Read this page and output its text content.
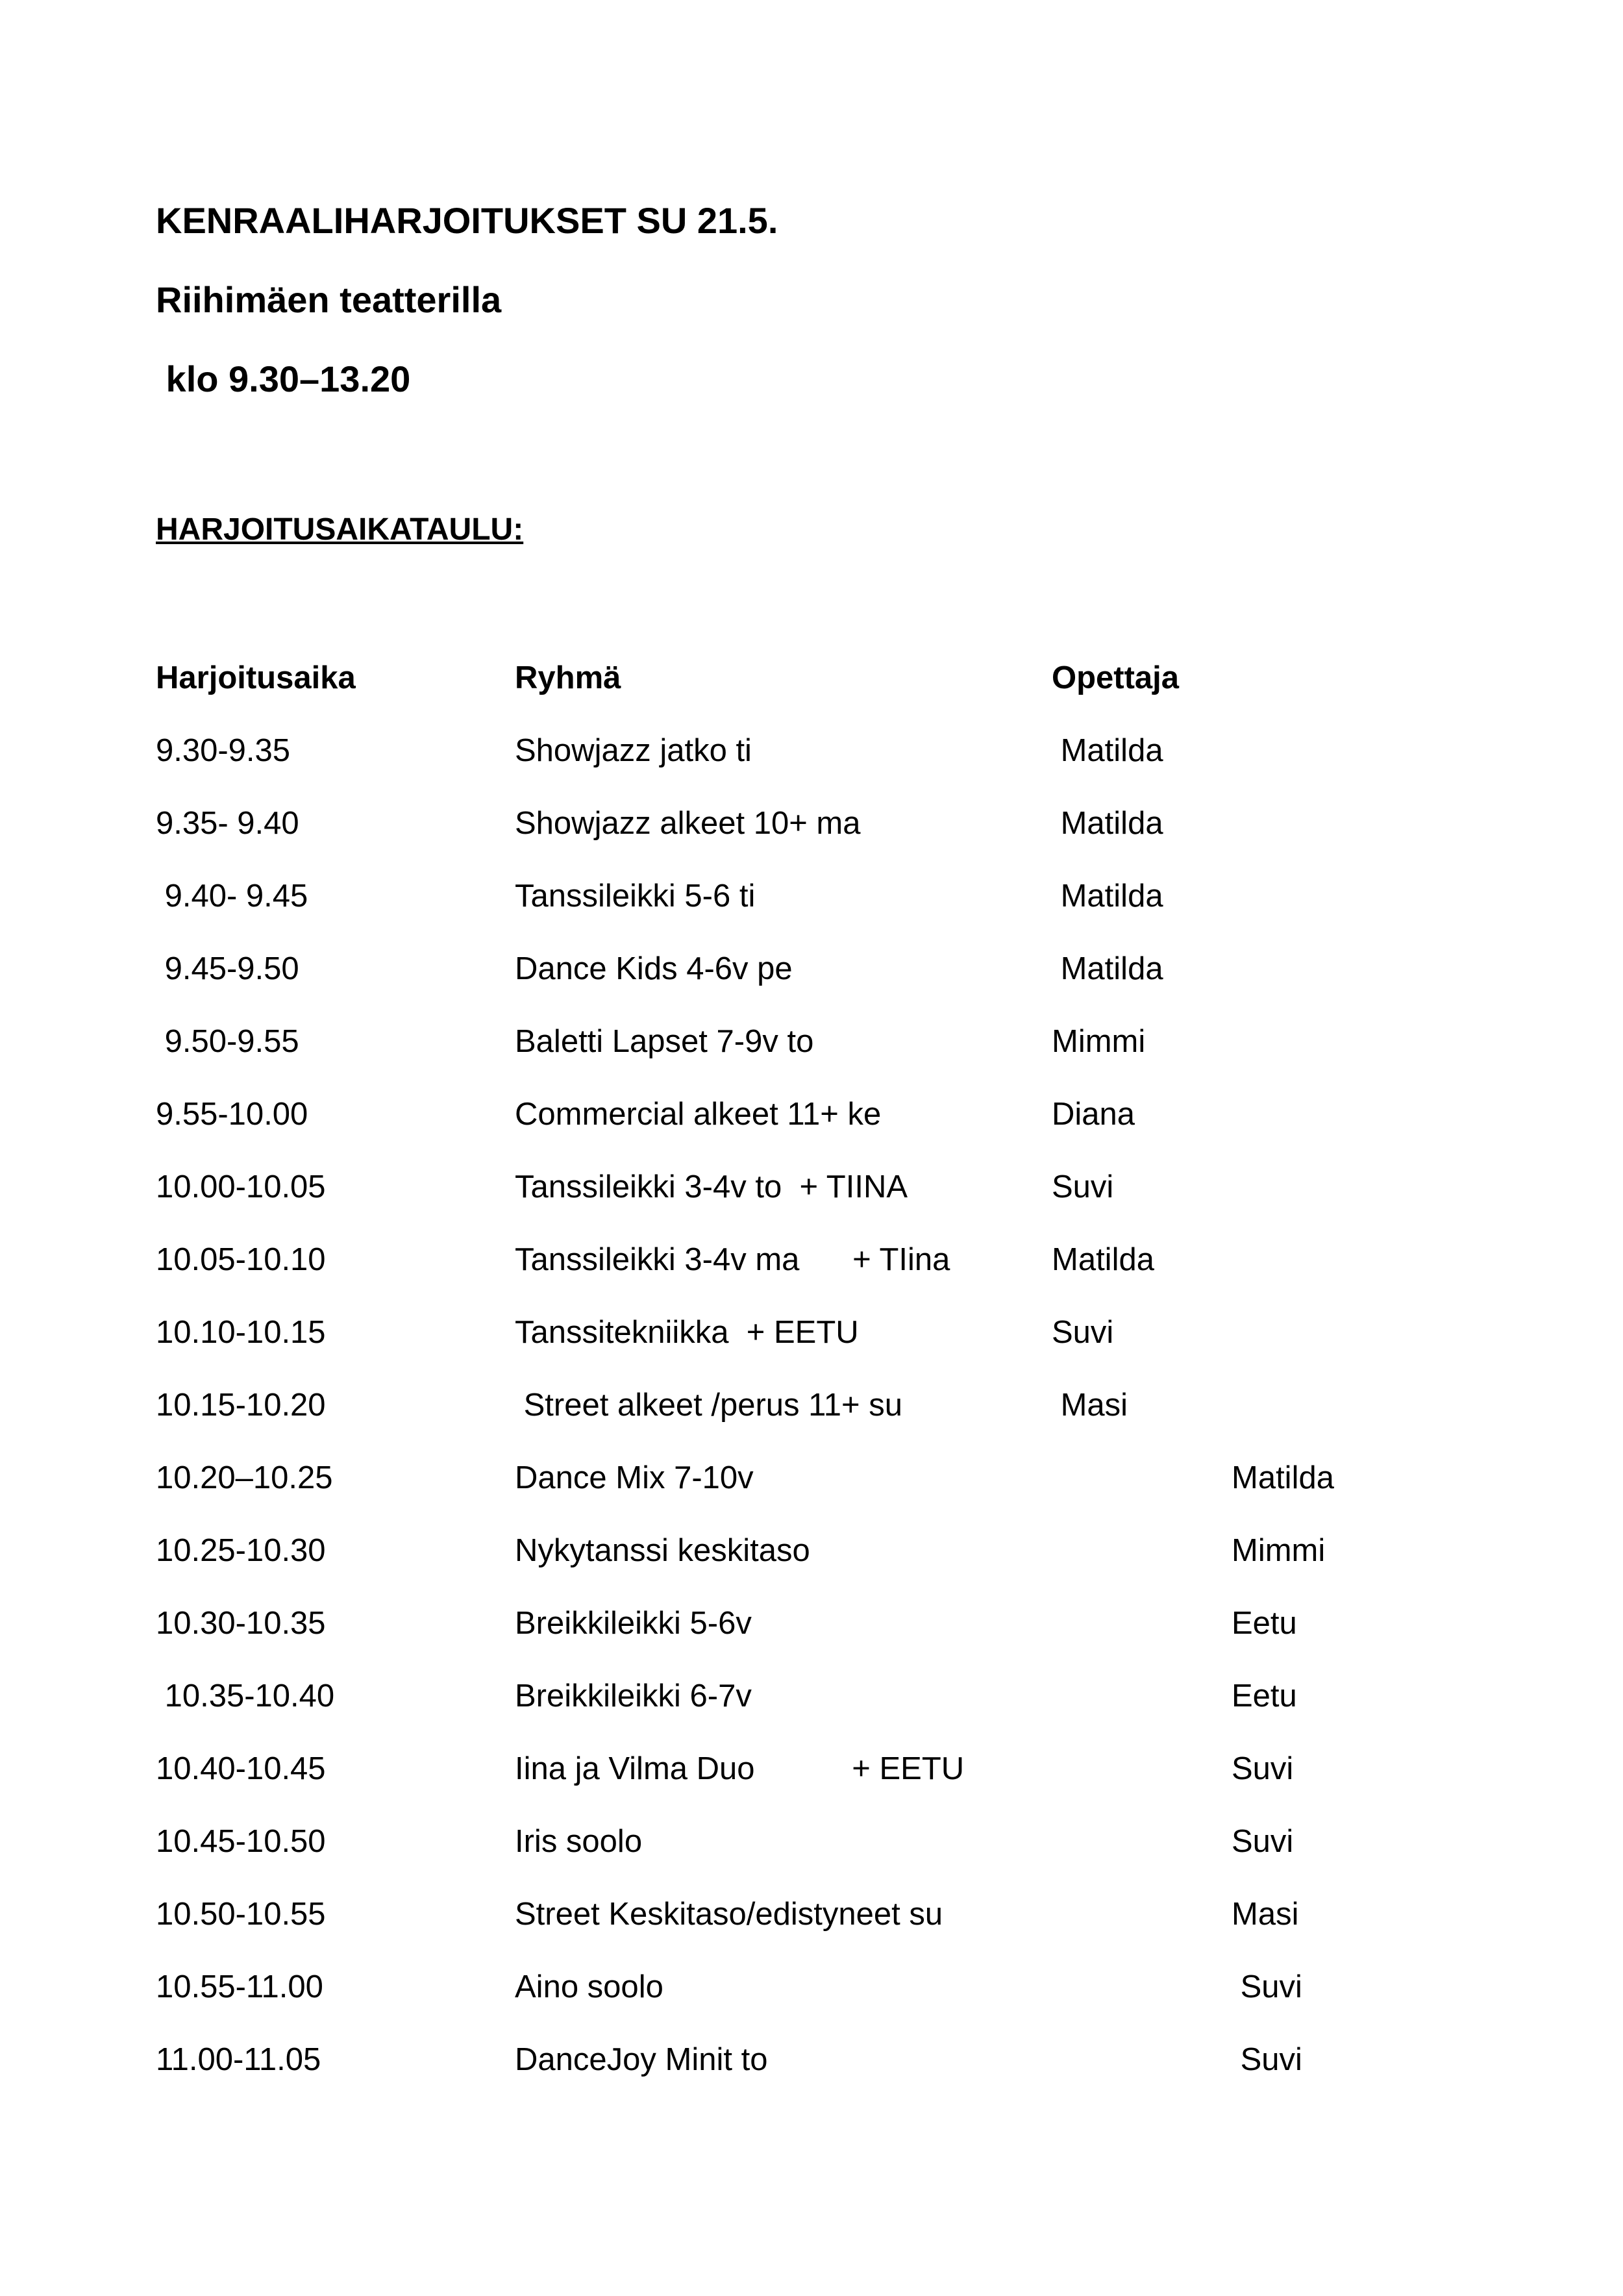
KENRAALIHARJOITUKSET SU 21.5.
Riihimäen teatterilla
klo 9.30–13.20
HARJOITUSAIKATAULU:
Harjoitusaika	Ryhmä	Opettaja
9.30-9.35	Showjazz jatko ti	Matilda
9.35- 9.40	Showjazz alkeet 10+ ma	Matilda
9.40- 9.45	Tanssileikki 5-6 ti	Matilda
9.45-9.50	Dance Kids 4-6v pe	Matilda
9.50-9.55	Baletti Lapset 7-9v to	Mimmi
9.55-10.00	Commercial alkeet 11+ ke	Diana
10.00-10.05	Tanssileikki 3-4v to  + TIINA	Suvi
10.05-10.10	Tanssileikki 3-4v ma      + TIina	Matilda
10.10-10.15	Tanssitekniikka  + EETU	Suvi
10.15-10.20	Street alkeet /perus 11+ su	Masi
10.20–10.25	Dance Mix 7-10v	Matilda
10.25-10.30	Nykytanssi keskitaso	Mimmi
10.30-10.35	Breikkileikki 5-6v	Eetu
10.35-10.40	Breikkileikki 6-7v	Eetu
10.40-10.45	Iina ja Vilma Duo           + EETU	Suvi
10.45-10.50	Iris soolo	Suvi
10.50-10.55	Street Keskitaso/edistyneet su	Masi
10.55-11.00	Aino soolo	Suvi
11.00-11.05	DanceJoy Minit to	Suvi
